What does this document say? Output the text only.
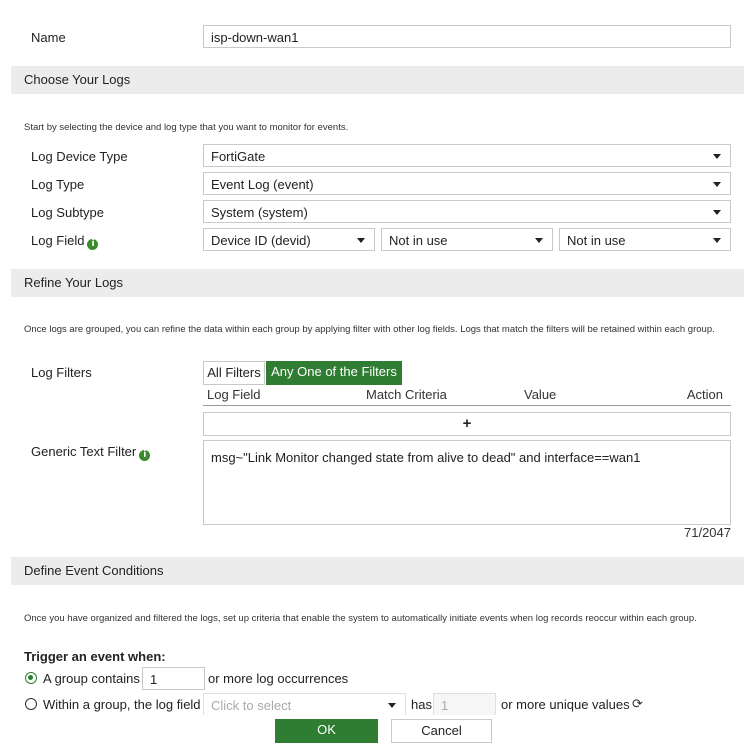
Name	isp-down-wan1
Choose Your Logs
Start by selecting the device and log type that you want to monitor for events.
Log Device Type	FortiGate
Log Type	Event Log (event)
Log Subtype	System (system)
Log Field i	Device ID (devid)	Not in use	Not in use
Refine Your Logs
Once logs are grouped, you can refine the data within each group by applying filter with other log fields. Logs that match the filters will be retained within each group.
Log Filters	All Filters Any One of the Filters
Log Field	Match Criteria	Value	Action
+
Generic Text Filter i	msg~"Link Monitor changed state from alive to dead" and interface==wan1
71/2047
Define Event Conditions
Once you have organized and filtered the logs, set up criteria that enable the system to automatically initiate events when log records reoccur within each group.
Trigger an event when:
A group contains 1	or more log occurrences
Within a group, the log field Click to select	has 1	or more unique values ⟳
OK	Cancel
